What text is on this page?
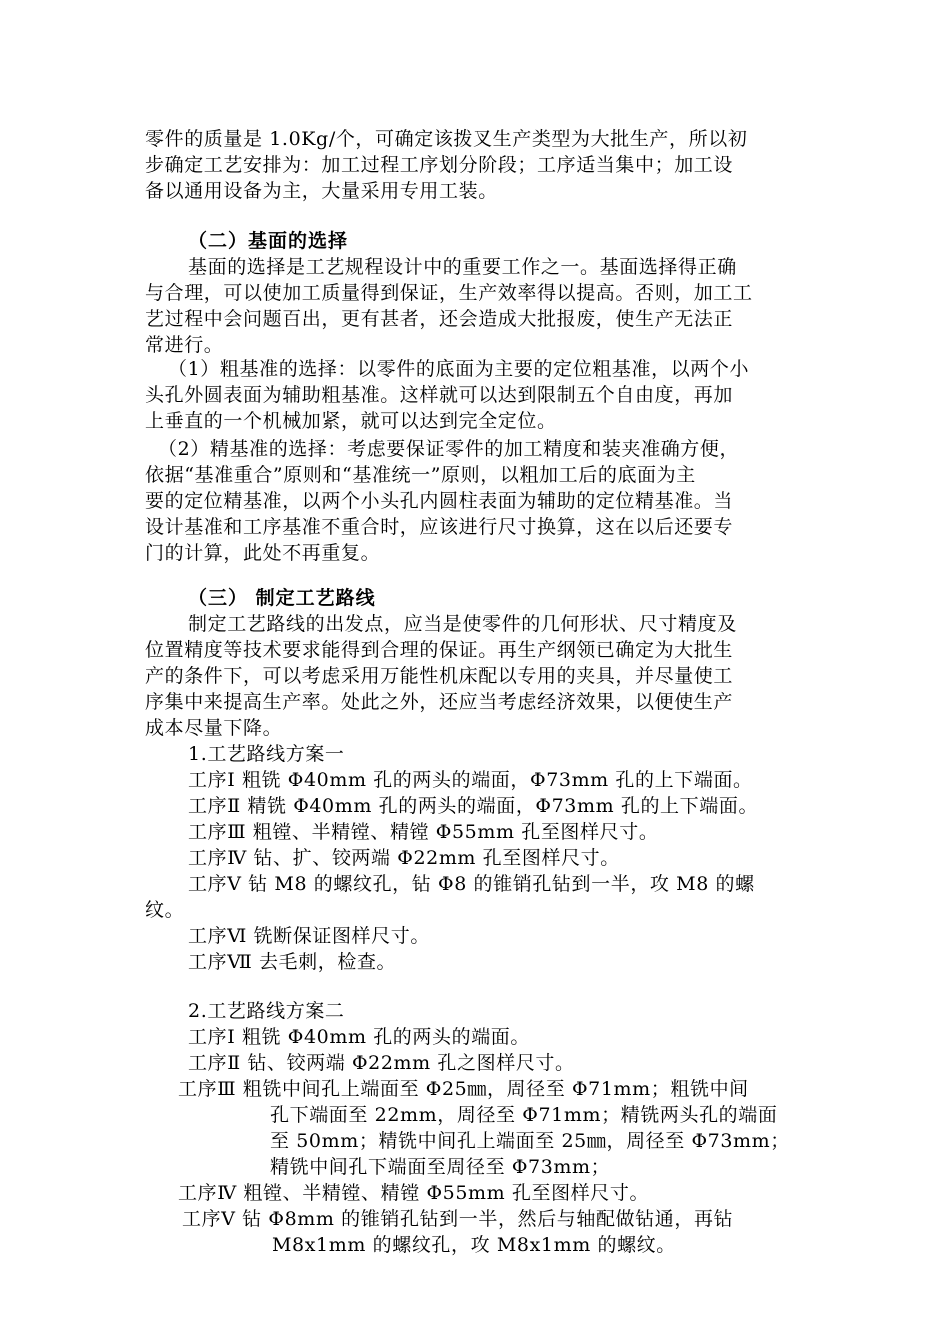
零件的质量是 1.0Kg/个，可确定该拨叉生产类型为大批生产，所以初
步确定工艺安排为：加工过程工序划分阶段；工序适当集中；加工设
备以通用设备为主，大量采用专用工装。
（二）基面的选择
基面的选择是工艺规程设计中的重要工作之一。基面选择得正确
与合理，可以使加工质量得到保证，生产效率得以提高。否则，加工工
艺过程中会问题百出，更有甚者，还会造成大批报废，使生产无法正
常进行。
（1）粗基准的选择：以零件的底面为主要的定位粗基准，以两个小
头孔外圆表面为辅助粗基准。这样就可以达到限制五个自由度，再加
上垂直的一个机械加紧，就可以达到完全定位。
（2）精基准的选择：考虑要保证零件的加工精度和装夹准确方便，
依据“基准重合”原则和“基准统一”原则，以粗加工后的底面为主
要的定位精基准，以两个小头孔内圆柱表面为辅助的定位精基准。当
设计基准和工序基准不重合时，应该进行尺寸换算，这在以后还要专
门的计算，此处不再重复。
（三） 制定工艺路线
制定工艺路线的出发点，应当是使零件的几何形状、尺寸精度及
位置精度等技术要求能得到合理的保证。再生产纲领已确定为大批生
产的条件下，可以考虑采用万能性机床配以专用的夹具，并尽量使工
序集中来提高生产率。处此之外，还应当考虑经济效果，以便使生产
成本尽量下降。
1.工艺路线方案一
工序Ⅰ 粗铣 Φ40mm 孔的两头的端面，Φ73mm 孔的上下端面。
工序Ⅱ 精铣 Φ40mm 孔的两头的端面，Φ73mm 孔的上下端面。
工序Ⅲ 粗镗、半精镗、精镗 Φ55mm 孔至图样尺寸。
工序Ⅳ 钻、扩、铰两端 Φ22mm 孔至图样尺寸。
工序Ⅴ 钻 M8 的螺纹孔，钻 Φ8 的锥销孔钻到一半，攻 M8 的螺
纹。
工序Ⅵ 铣断保证图样尺寸。
工序Ⅶ 去毛刺，检查。
2.工艺路线方案二
工序Ⅰ 粗铣 Φ40mm 孔的两头的端面。
工序Ⅱ 钻、铰两端 Φ22mm 孔之图样尺寸。
工序Ⅲ 粗铣中间孔上端面至 Φ25㎜，周径至 Φ71mm；粗铣中间
孔下端面至 22mm，周径至 Φ71mm；精铣两头孔的端面
至 50mm；精铣中间孔上端面至 25㎜，周径至 Φ73mm；
精铣中间孔下端面至周径至 Φ73mm；
工序Ⅳ 粗镗、半精镗、精镗 Φ55mm 孔至图样尺寸。
工序Ⅴ 钻 Φ8mm 的锥销孔钻到一半，然后与轴配做钻通，再钻
M8x1mm 的螺纹孔，攻 M8x1mm 的螺纹。
